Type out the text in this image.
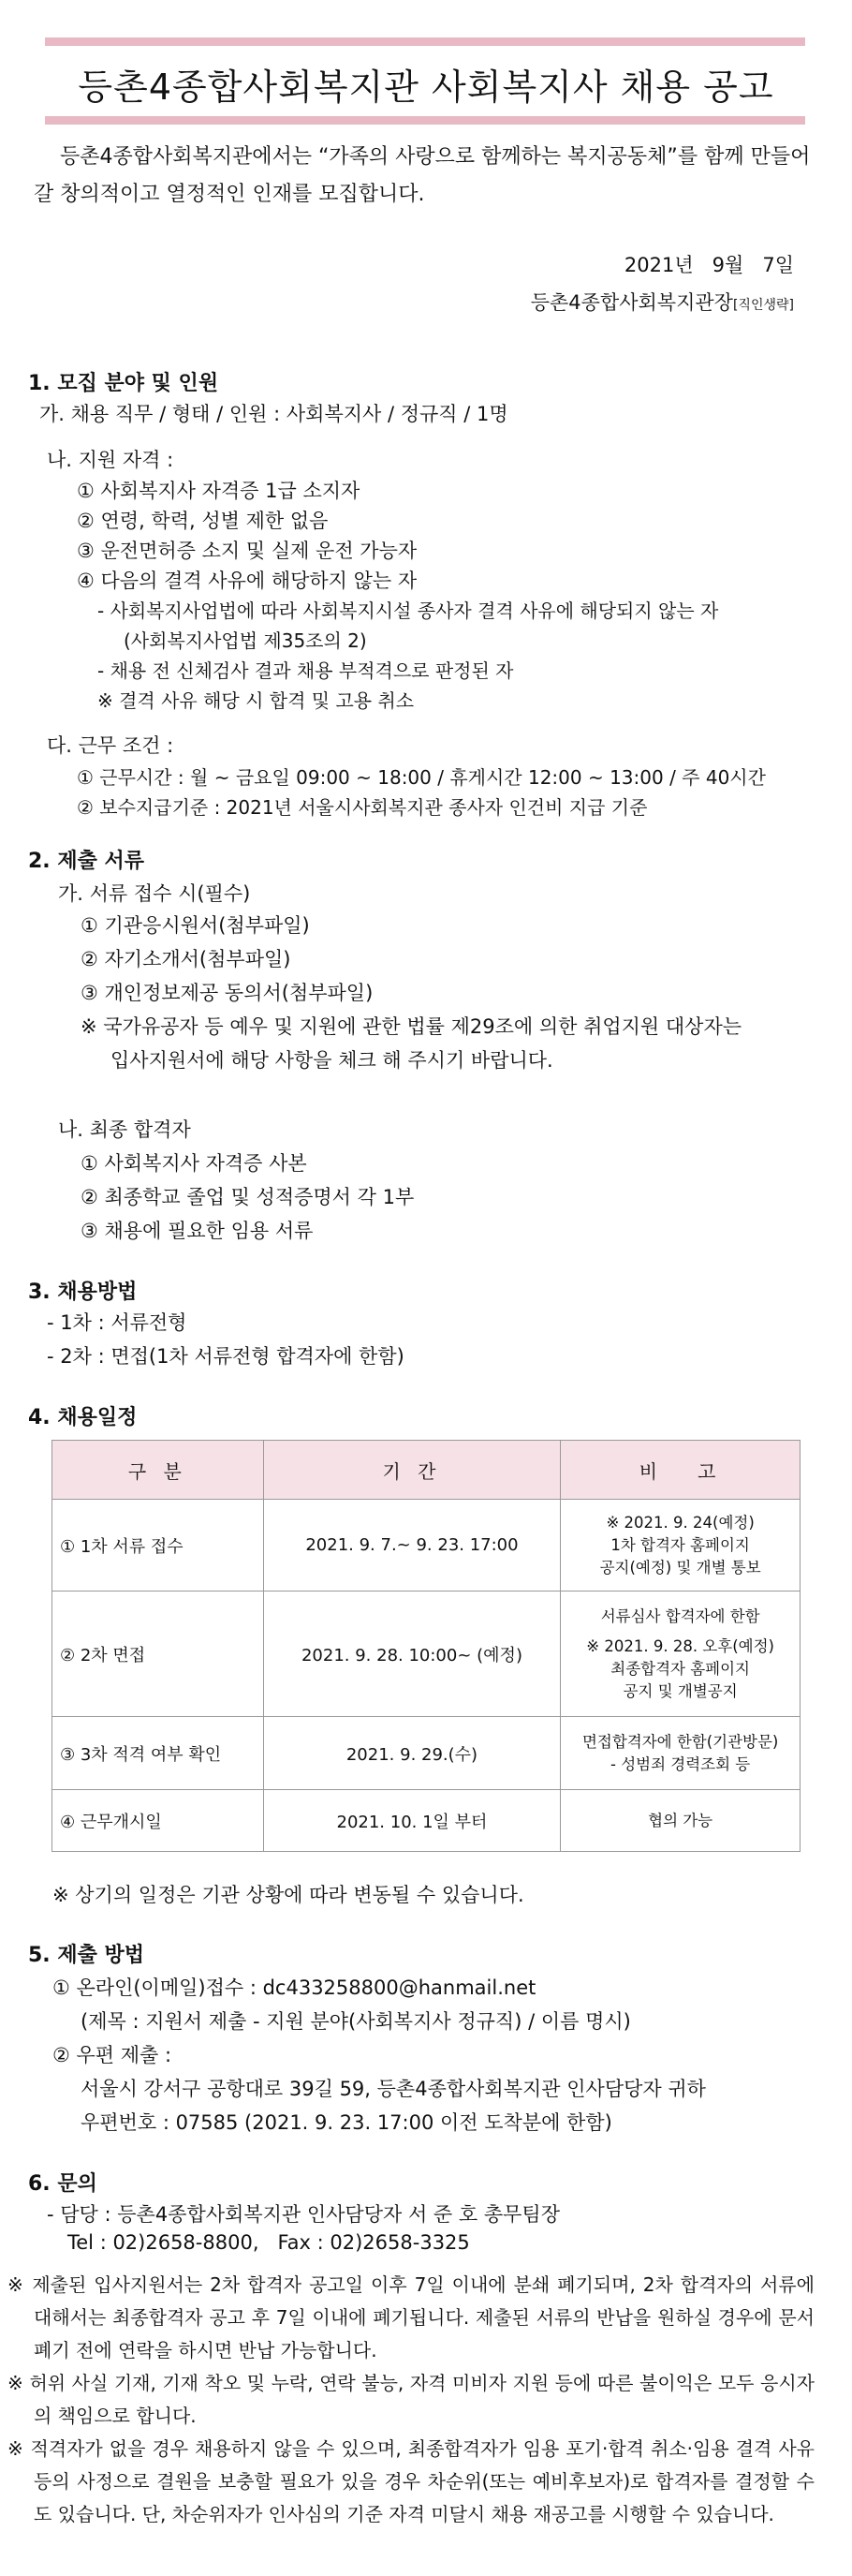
등촌4종합사회복지관 사회복지사 채용 공고
등촌4종합사회복지관에서는 “가족의 사랑으로 함께하는 복지공동체”를 함께 만들어
갈 창의적이고 열정적인 인재를 모집합니다.
2021년   9월   7일
등촌4종합사회복지관장[직인생략]
1. 모집 분야 및 인원
가. 채용 직무 / 형태 / 인원 : 사회복지사 / 정규직 / 1명
나. 지원 자격 :
① 사회복지사 자격증 1급 소지자
② 연령, 학력, 성별 제한 없음
③ 운전면허증 소지 및 실제 운전 가능자
④ 다음의 결격 사유에 해당하지 않는 자
- 사회복지사업법에 따라 사회복지시설 종사자 결격 사유에 해당되지 않는 자
(사회복지사업법 제35조의 2)
- 채용 전 신체검사 결과 채용 부적격으로 판정된 자
※ 결격 사유 해당 시 합격 및 고용 취소
다. 근무 조건 :
① 근무시간 : 월 ~ 금요일 09:00 ~ 18:00 / 휴게시간 12:00 ~ 13:00 / 주 40시간
② 보수지급기준 : 2021년 서울시사회복지관 종사자 인건비 지급 기준
2. 제출 서류
가. 서류 접수 시(필수)
① 기관응시원서(첨부파일)
② 자기소개서(첨부파일)
③ 개인정보제공 동의서(첨부파일)
※ 국가유공자 등 예우 및 지원에 관한 법률 제29조에 의한 취업지원 대상자는
입사지원서에 해당 사항을 체크 해 주시기 바랍니다.
나. 최종 합격자
① 사회복지사 자격증 사본
② 최종학교 졸업 및 성적증명서 각 1부
③ 채용에 필요한 임용 서류
3. 채용방법
- 1차 : 서류전형
- 2차 : 면접(1차 서류전형 합격자에 한함)
4. 채용일정
구 분	기 간	비   고
① 1차 서류 접수	2021. 9. 7.~ 9. 23. 17:00	※ 2021. 9. 24(예정)
1차 합격자 홈페이지
공지(예정) 및 개별 통보

② 2차 면접	2021. 9. 28. 10:00~ (예정)	서류심사 합격자에 한함
※ 2021. 9. 28. 오후(예정)
최종합격자 홈페이지
공지 및 개별공지

③ 3차 적격 여부 확인	2021. 9. 29.(수)	면접합격자에 한함(기관방문)
- 성범죄 경력조회 등

④ 근무개시일	2021. 10. 1일 부터	협의 가능
※ 상기의 일정은 기관 상황에 따라 변동될 수 있습니다.
5. 제출 방법
① 온라인(이메일)접수 : dc433258800@hanmail.net
(제목 : 지원서 제출 - 지원 분야(사회복지사 정규직) / 이름 명시)
② 우편 제출 :
서울시 강서구 공항대로 39길 59, 등촌4종합사회복지관 인사담당자 귀하
우편번호 : 07585 (2021. 9. 23. 17:00 이전 도착분에 한함)
6. 문의
- 담당 : 등촌4종합사회복지관 인사담당자 서 준 호 총무팀장
Tel : 02)2658-8800,   Fax : 02)2658-3325
※ 제출된 입사지원서는 2차 합격자 공고일 이후 7일 이내에 분쇄 폐기되며, 2차 합격자의 서류에 대해서는 최종합격자 공고 후 7일 이내에 폐기됩니다. 제출된 서류의 반납을 원하실 경우에 문서 폐기 전에 연락을 하시면 반납 가능합니다.
※ 허위 사실 기재, 기재 착오 및 누락, 연락 불능, 자격 미비자 지원 등에 따른 불이익은 모두 응시자의 책임으로 합니다.
※ 적격자가 없을 경우 채용하지 않을 수 있으며, 최종합격자가 임용 포기·합격 취소·임용 결격 사유 등의 사정으로 결원을 보충할 필요가 있을 경우 차순위(또는 예비후보자)로 합격자를 결정할 수도 있습니다. 단, 차순위자가 인사심의 기준 자격 미달시 채용 재공고를 시행할 수 있습니다.
